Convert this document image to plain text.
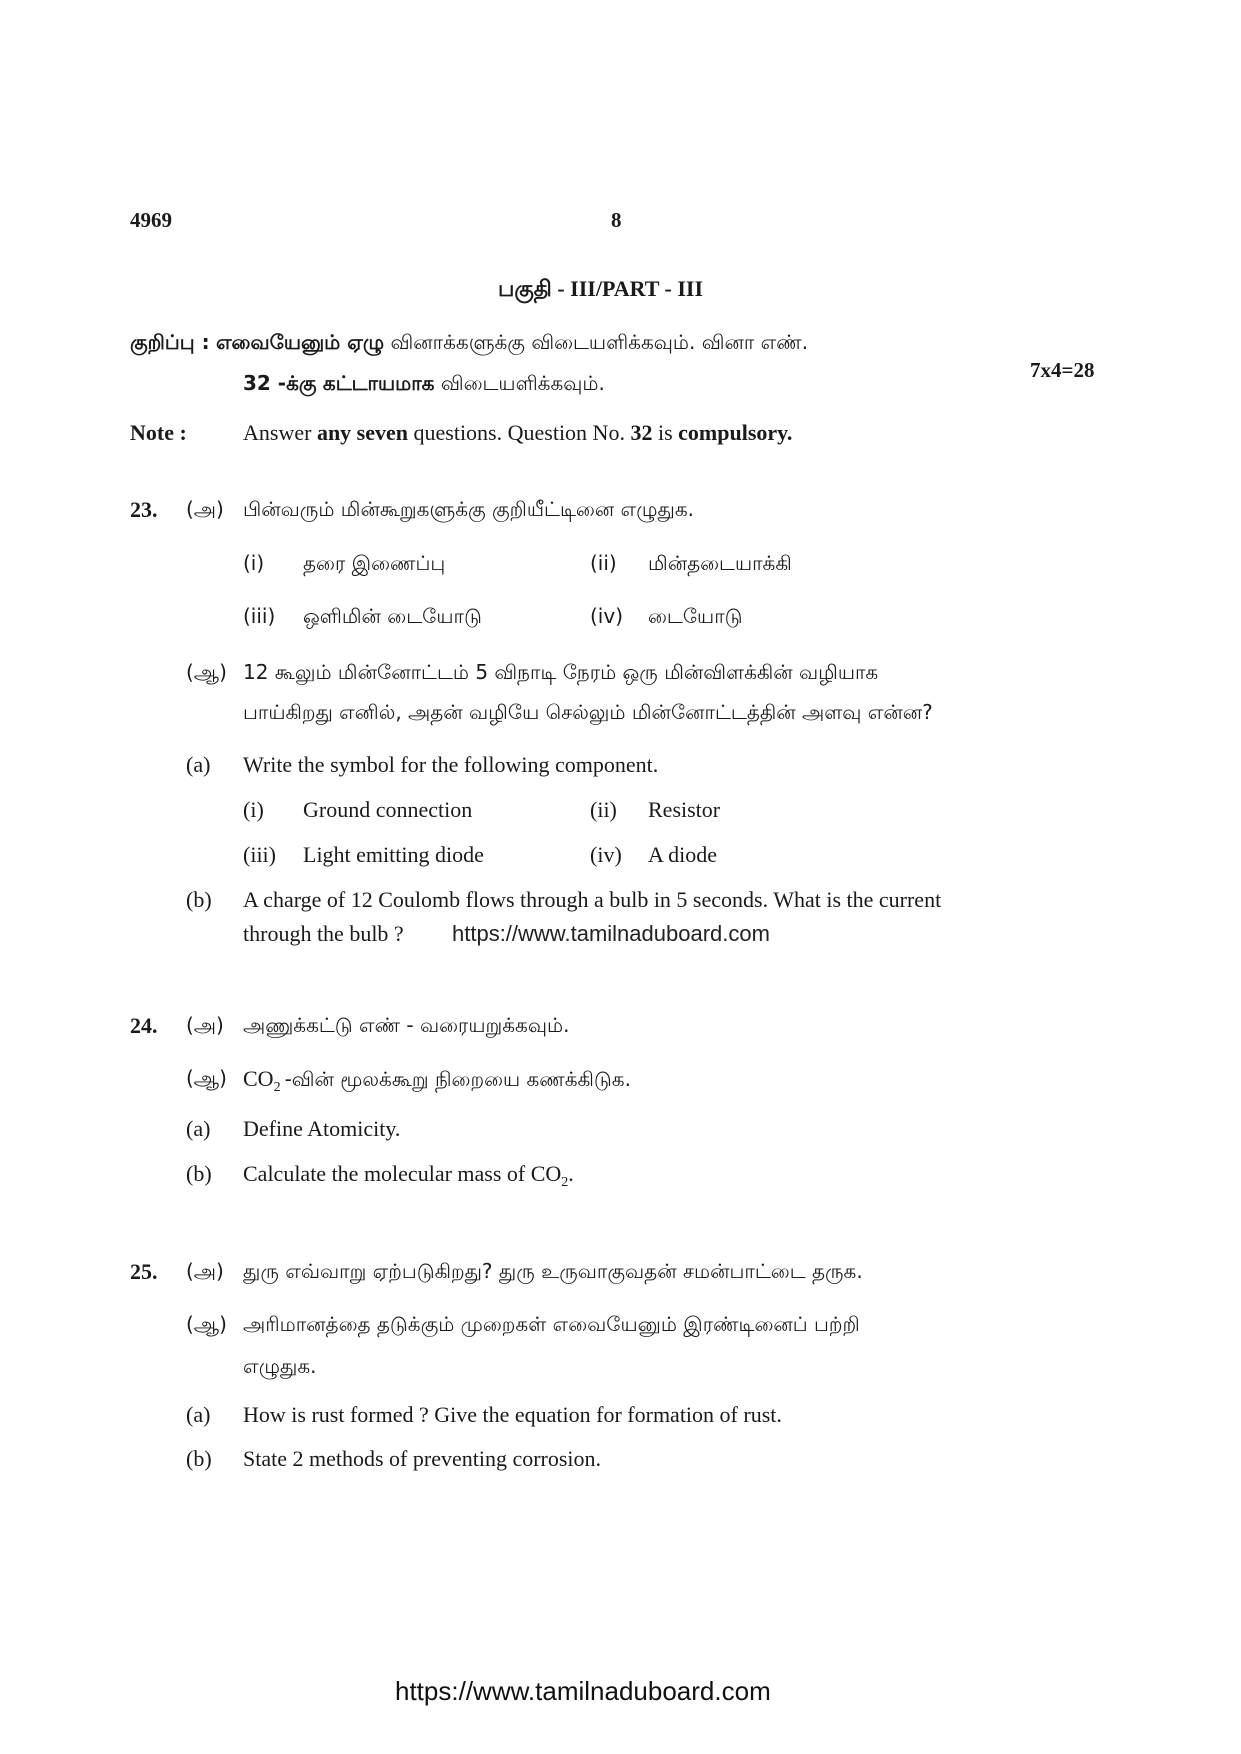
4969	8
பகுதி - III/PART - III
குறிப்பு : எவையேனும் ஏழு வினாக்களுக்கு விடையளிக்கவும். வினா எண்.
7x4=28
32 -க்கு கட்டாயமாக விடையளிக்கவும்.
Note :	Answer any seven questions. Question No. 32 is compulsory.
23. (அ) பின்வரும் மின்கூறுகளுக்கு குறியீட்டினை எழுதுக.
(i) தரை இணைப்பு	(ii) மின்தடையாக்கி
(iii) ஒளிமின் டையோடு	(iv) டையோடு
(ஆ) 12 கூலும் மின்னோட்டம் 5 விநாடி நேரம் ஒரு மின்விளக்கின் வழியாக
பாய்கிறது எனில், அதன் வழியே செல்லும் மின்னோட்டத்தின் அளவு என்ன?
(a) Write the symbol for the following component.
(i) Ground connection	(ii) Resistor
(iii) Light emitting diode	(iv) A diode
(b) A charge of 12 Coulomb flows through a bulb in 5 seconds. What is the current
through the bulb ? https://www.tamilnaduboard.com
24. (அ) அணுக்கட்டு எண் - வரையறுக்கவும்.
(ஆ) $CO_2$ -வின் மூலக்கூறு நிறையை கணக்கிடுக.
(a) Define Atomicity.
(b) Calculate the molecular mass of $CO_2$.
25. (அ) துரு எவ்வாறு ஏற்படுகிறது? துரு உருவாகுவதன் சமன்பாட்டை தருக.
(ஆ) அரிமானத்தை தடுக்கும் முறைகள் எவையேனும் இரண்டினைப் பற்றி
எழுதுக.
(a) How is rust formed ? Give the equation for formation of rust.
(b) State 2 methods of preventing corrosion.
https://www.tamilnaduboard.com
